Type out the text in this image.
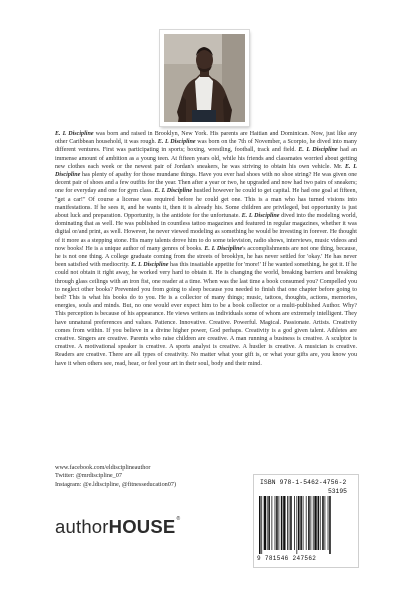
E. L Discipline was born and raised in Brooklyn, New York. His parents are Haitian and Dominican. Now, just like any other Caribbean household, it was rough. E. L Discipline was born on the 7th of November, a Scorpio, he dived into many different ventures. First was participating in sports; boxing, wrestling, football, track and field. E. L Discipline had an immense amount of ambition as a young teen. At fifteen years old, while his friends and classmates worried about getting new clothes each week or the newest pair of Jordan's sneakers, he was striving to obtain his own vehicle. Mr. E. L Discipline has plenty of apathy for those mundane things. Have you ever had shoes with no shoe string? He was given one decent pair of shoes and a few outfits for the year. Then after a year or two, he upgraded and now had two pairs of sneakers; one for everyday and one for gym class. E. L Discipline hustled however he could to get capital. He had one goal at fifteen, "get a car!" Of course a license was required before he could get one. This is a man who has turned visions into manifestations. If he sees it, and he wants it, then it is already his. Some children are privileged, but opportunity is just about luck and preparation. Opportunity, is the antidote for the unfortunate. E. L Discipline dived into the modeling world, dominating that as well. He was published in countless tattoo magazines and featured in regular magazines, whether it was digital or/and print, as well. However, he never viewed modeling as something he would be investing in forever. He thought of it more as a stepping stone. His many talents drove him to do some television, radio shows, interviews, music videos and now books! He is a unique author of many genres of books. E. L Discipline's accomplishments are not one thing, because, he is not one thing. A college graduate coming from the streets of brooklyn, he has never settled for 'okay.' He has never been satisfied with mediocrity. E. L Discipline has this insatiable appetite for 'more!' If he wanted something, he got it. If he could not obtain it right away, he worked very hard to obtain it. He is changing the world, breaking barriers and breaking through glass ceilings with an iron fist, one reader at a time. When was the last time a book consumed you? Compelled you to neglect other books? Prevented you from going to sleep because you needed to finish that one chapter before going to bed? This is what his books do to you. He is a collector of many things; music, tattoos, thoughts, actions, memories, energies, souls and minds. But, no one would ever expect him to be a book collector or a multi-published Author. Why? This perception is because of his appearance. He views writers as individuals some of whom are extremely intelligent. They have unnatural preferences and values. Patience. Innovative. Creative. Powerful. Magical. Passionate. Artists. Creativity comes from within. If you believe in a divine higher power, God perhaps. Creativity is a god given talent. Athletes are creative. Singers are creative. Parents who raise children are creative. A man running a business is creative. A sculptor is creative. A motivational speaker is creative. A sports analyst is creative. A hustler is creative. A musician is creative. Readers are creative. There are all types of creativity. No matter what your gift is, or what your gifts are, you know you have it when others see, read, hear, or feel your art in their soul, body and their mind.

www.facebook.com/eldisciplineauthor
Twitter: @mrdiscipline_07
Instagram: @e.ldiscipline, @fitnesseducation07)
authorHOUSE®
ISBN 978-1-5462-4756-2
53195
9 781546 247562
